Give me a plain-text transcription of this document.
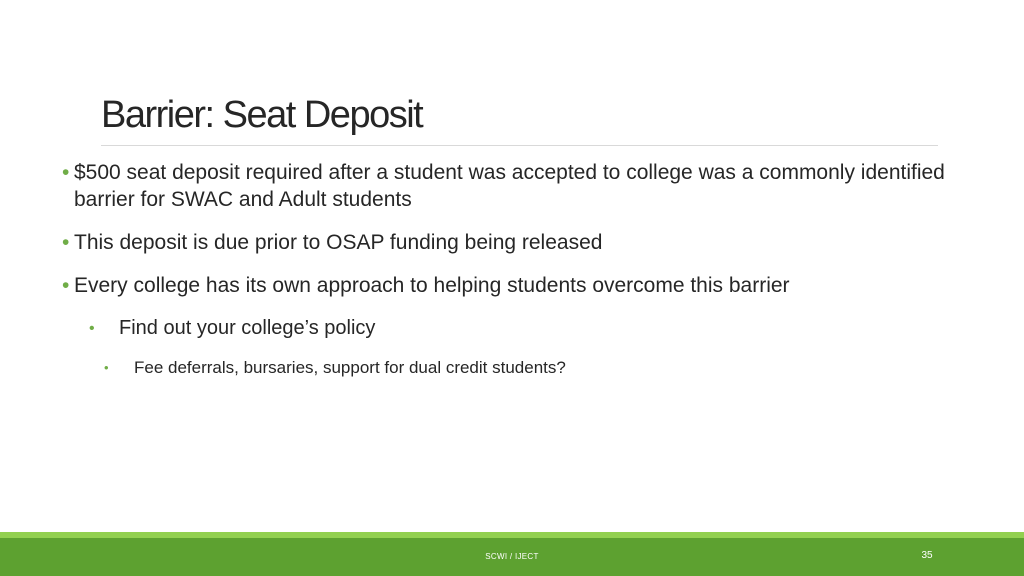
Barrier: Seat Deposit
• $500 seat deposit required after a student was accepted to college was a commonly identified barrier for SWAC and Adult students
• This deposit is due prior to OSAP funding being released
• Every college has its own approach to helping students overcome this barrier
• Find out your college’s policy
• Fee deferrals, bursaries, support for dual credit students?
SCWI / IJECT	35
